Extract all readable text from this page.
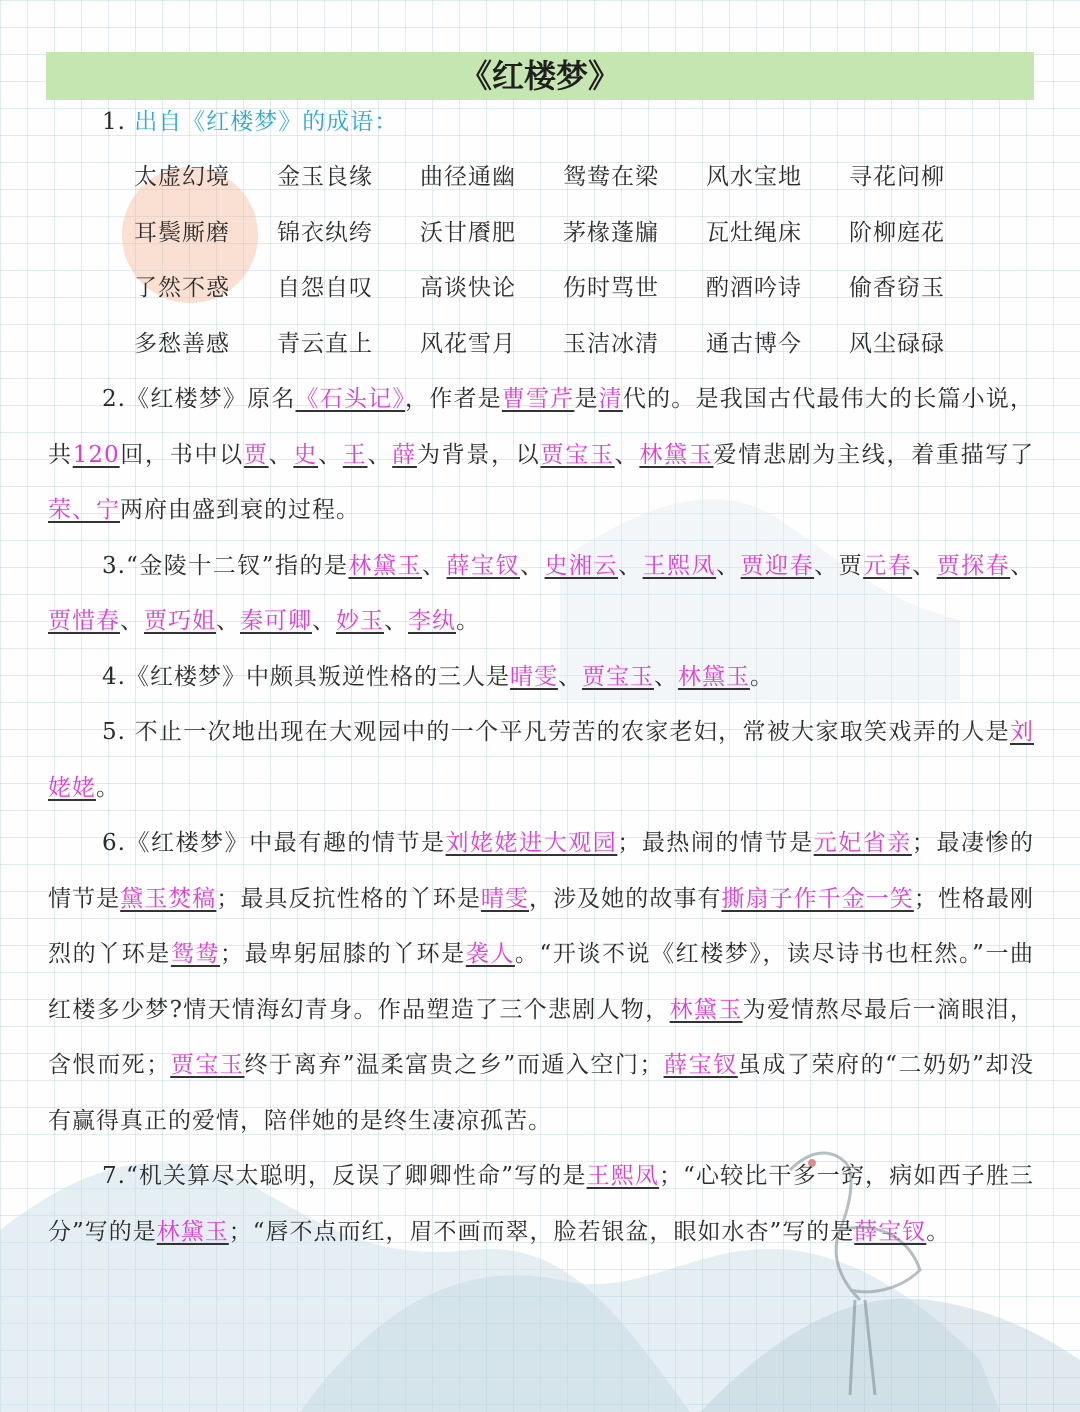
《红楼梦》
1. 出自《红楼梦》的成语：
太虚幻境 金玉良缘 曲径通幽 鸳鸯在梁 风水宝地 寻花问柳
耳鬓厮磨 锦衣纨绔 沃甘餍肥 茅椽蓬牖 瓦灶绳床 阶柳庭花
了然不惑 自怨自叹 高谈快论 伤时骂世 酌酒吟诗 偷香窃玉
多愁善感 青云直上 风花雪月 玉洁冰清 通古博今 风尘碌碌
2.《红楼梦》原名《石头记》，作者是曹雪芹是清代的。是我国古代最伟大的长篇小说，共120回，书中以贾、史、王、薛为背景，以贾宝玉、林黛玉爱情悲剧为主线，着重描写了荣、宁两府由盛到衰的过程。
3.“金陵十二钗”指的是林黛玉、薛宝钗、史湘云、王熙凤、贾迎春、贾元春、贾探春、贾惜春、贾巧姐、秦可卿、妙玉、李纨。
4.《红楼梦》中颇具叛逆性格的三人是晴雯、贾宝玉、林黛玉。
5. 不止一次地出现在大观园中的一个平凡劳苦的农家老妇，常被大家取笑戏弄的人是刘姥姥。
6.《红楼梦》中最有趣的情节是刘姥姥进大观园；最热闹的情节是元妃省亲；最凄惨的情节是黛玉焚稿；最具反抗性格的丫环是晴雯，涉及她的故事有撕扇子作千金一笑；性格最刚烈的丫环是鸳鸯；最卑躬屈膝的丫环是袭人。“开谈不说《红楼梦》，读尽诗书也枉然。”一曲红楼多少梦?情天情海幻青身。作品塑造了三个悲剧人物，林黛玉为爱情熬尽最后一滴眼泪，含恨而死；贾宝玉终于离弃”温柔富贵之乡”而遁入空门；薛宝钗虽成了荣府的“二奶奶”却没有赢得真正的爱情，陪伴她的是终生凄凉孤苦。
7.“机关算尽太聪明，反误了卿卿性命”写的是王熙凤；“心较比干多一窍，病如西子胜三分”写的是林黛玉；“唇不点而红，眉不画而翠，脸若银盆，眼如水杏”写的是薛宝钗。
